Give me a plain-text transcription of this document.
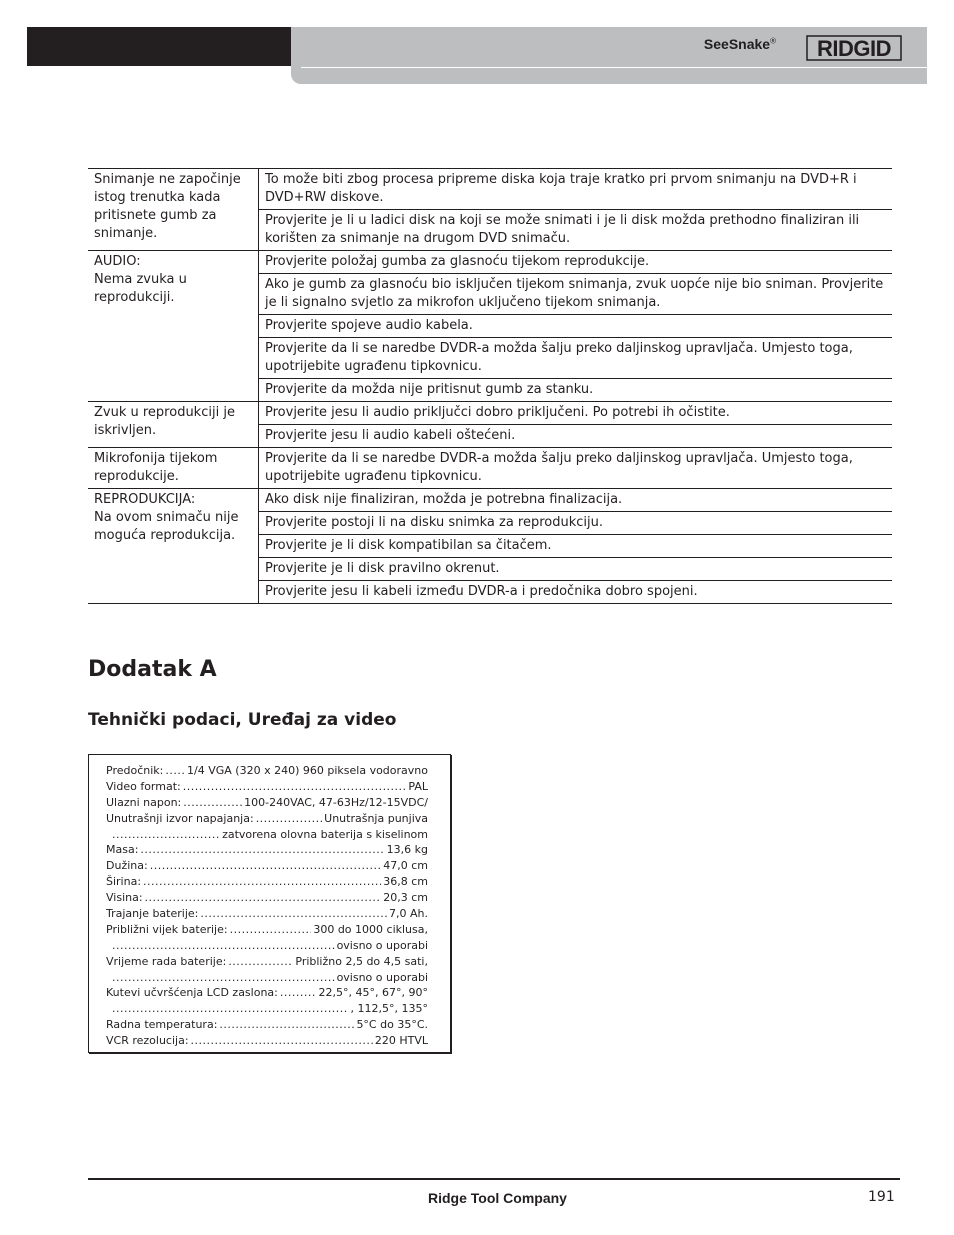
SeeSnake® RIDGID
Snimanje ne započinje istog trenutka kada pritisnete gumb za snimanje.	To može biti zbog procesa pripreme diska koja traje kratko pri prvom snimanju na DVD+R i DVD+RW diskove.
	Provjerite je li u ladici disk na koji se može snimati i je li disk možda prethodno finaliziran ili korišten za snimanje na drugom DVD snimaču.
AUDIO:
Nema zvuka u reprodukciji.	Provjerite položaj gumba za glasnoću tijekom reprodukcije.
	Ako je gumb za glasnoću bio isključen tijekom snimanja, zvuk uopće nije bio sniman. Provjerite je li signalno svjetlo za mikrofon uključeno tijekom snimanja.
	Provjerite spojeve audio kabela.
	Provjerite da li se naredbe DVDR-a možda šalju preko daljinskog upravljača. Umjesto toga, upotrijebite ugrađenu tipkovnicu.
	Provjerite da možda nije pritisnut gumb za stanku.
Zvuk u reprodukciji je iskrivljen.	Provjerite jesu li audio priključci dobro priključeni. Po potrebi ih očistite.
	Provjerite jesu li audio kabeli oštećeni.
Mikrofonija tijekom reprodukcije.	Provjerite da li se naredbe DVDR-a možda šalju preko daljinskog upravljača. Umjesto toga, upotrijebite ugrađenu tipkovnicu.
REPRODUKCIJA:
Na ovom snimaču nije moguća reprodukcija.	Ako disk nije finaliziran, možda je potrebna finalizacija.
	Provjerite postoji li na disku snimka za reprodukciju.
	Provjerite je li disk kompatibilan sa čitačem.
	Provjerite je li disk pravilno okrenut.
	Provjerite jesu li kabeli između DVDR-a i predočnika dobro spojeni.
Dodatak A
Tehnički podaci, Uređaj za video
Predočnik: ..... 1/4 VGA (320 x 240) 960 piksela vodoravno
Video format: .....	PAL
Ulazni napon: .....	100-240VAC, 47-63Hz/12-15VDC/
Unutrašnji izvor napajanja: .....	Unutrašnja punjiva
.....
zatvorena olovna baterija s kiselinom
Masa: .....	13,6 kg
Dužina: .....	47,0 cm
Širina: .....	36,8 cm
Visina: .....	20,3 cm
Trajanje baterije: .....	7,0 Ah.
Približni vijek baterije: .....	300 do 1000 ciklusa,
.....
ovisno o uporabi
Vrijeme rada baterije: .....	Približno 2,5 do 4,5 sati,
.....
ovisno o uporabi
Kutevi učvršćenja LCD zaslona: .....	22,5°, 45°, 67°, 90°
.....
, 112,5°, 135°
Radna temperatura: .....	5°C do 35°C.
VCR rezolucija: .....	220 HTVL
Ridge Tool Company	191
